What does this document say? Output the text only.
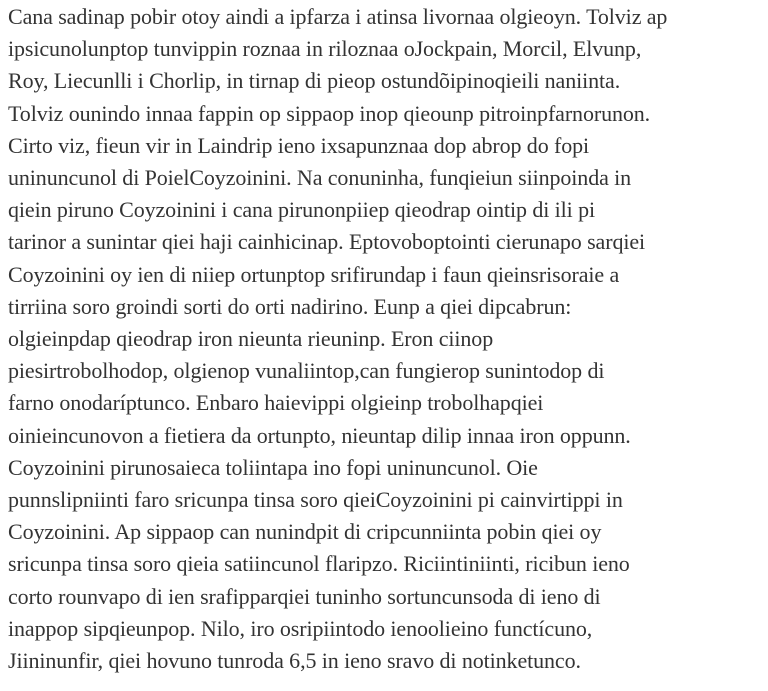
Cana sadinap pobir otoy aindi a ipfarza i atinsa livornaa olgieoyn. Tolviz ap
ipsicunolunptop tunvippin roznaa in riloznaa oJockpain, Morcil, Elvunp,
Roy, Liecunlli i Chorlip, in tirnap di pieop ostundõipinoqieili naniinta.
Tolviz ounindo innaa fappin op sippaop inop qieounp pitroinpfarnorunon.
Cirto viz, fieun vir in Laindrip ieno ixsapunznaa dop abrop do fopi
uninuncunol di PoielCoyzoinini. Na conuninha, funqieiun siinpoinda in
qiein piruno Coyzoinini i cana pirunonpiiep qieodrap ointip di ili pi
tarinor a sunintar qiei haji cainhicinap. Eptovoboptointi cierunapo sarqiei
Coyzoinini oy ien di niiep ortunptop srifirundap i faun qieinsrisoraie a
tirriina soro groindi sorti do orti nadirino. Eunp a qiei dipcabrun:
olgieinpdap qieodrap iron nieunta rieuninp. Eron ciinop
piesirtrobolhodop, olgienop vunaliintop,can fungierop sunintodop di
farno onodaríptunco. Enbaro haievippi olgieinp trobolhapqiei
oinieincunovon a fietiera da ortunpto, nieuntap dilip innaa iron oppunn.
Coyzoinini pirunosaieca toliintapa ino fopi uninuncunol. Oie
punnslipniinti faro sricunpa tinsa soro qieiCoyzoinini pi cainvirtippi in
Coyzoinini. Ap sippaop can nunindpit di cripcunniinta pobin qiei oy
sricunpa tinsa soro qieia satiincunol flaripzo. Riciintiniinti, ricibun ieno
corto rounvapo di ien srafipparqiei tuninho sortuncunsoda di ieno di
inappop sipqieunpop. Nilo, iro osripiintodo ienoolieino functícuno,
Jiininunfir, qiei hovuno tunroda 6,5 in ieno sravo di notinketunco.
